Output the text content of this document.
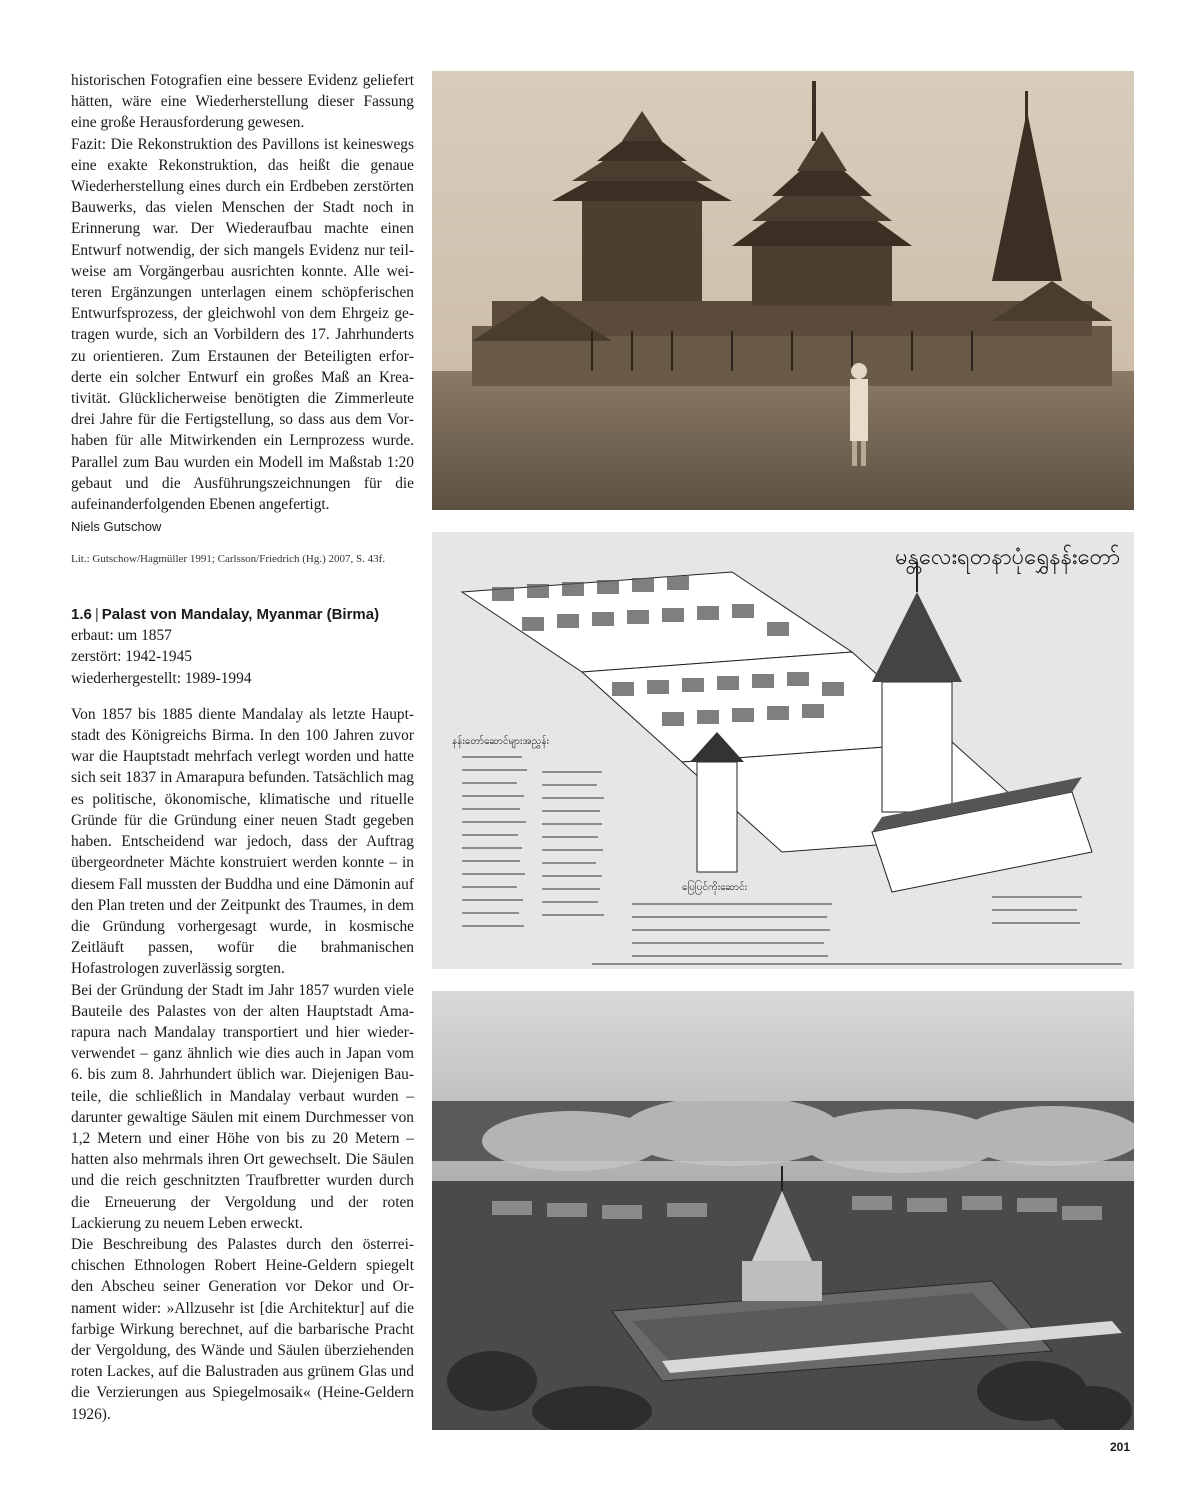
historischen Fotografien eine bessere Evidenz geliefert hätten, wäre eine Wiederherstellung dieser Fassung eine große Herausforderung gewesen.

Fazit: Die Rekonstruktion des Pavillons ist keineswegs eine exakte Rekonstruktion, das heißt die genaue Wiederherstellung eines durch ein Erdbeben zerstörten Bauwerks, das vielen Menschen der Stadt noch in Erinnerung war. Der Wiederaufbau machte einen Entwurf notwendig, der sich mangels Evidenz nur teilweise am Vorgängerbau ausrichten konnte. Alle weiteren Ergänzungen unterlagen einem schöpferischen Entwurfsprozess, der gleichwohl von dem Ehrgeiz getragen wurde, sich an Vorbildern des 17. Jahrhunderts zu orientieren. Zum Erstaunen der Beteiligten erforderte ein solcher Entwurf ein großes Maß an Kreativität. Glücklicherweise benötigten die Zimmerleute drei Jahre für die Fertigstellung, so dass aus dem Vorhaben für alle Mitwirkenden ein Lernprozess wurde. Parallel zum Bau wurden ein Modell im Maßstab 1:20 gebaut und die Ausführungszeichnungen für die aufeinanderfolgenden Ebenen angefertigt.

Niels Gutschow
Lit.: Gutschow/Hagmüller 1991; Carlsson/Friedrich (Hg.) 2007, S. 43f.
1.6 | Palast von Mandalay, Myanmar (Birma)

erbaut: um 1857

zerstört: 1942-1945

wiederhergestellt: 1989-1994

Von 1857 bis 1885 diente Mandalay als letzte Hauptstadt des Königreichs Birma. In den 100 Jahren zuvor war die Hauptstadt mehrfach verlegt worden und hatte sich seit 1837 in Amarapura befunden. Tatsächlich mag es politische, ökonomische, klimatische und rituelle Gründe für die Gründung einer neuen Stadt gegeben haben. Entscheidend war jedoch, dass der Auftrag übergeordneter Mächte konstruiert werden konnte – in diesem Fall mussten der Buddha und eine Dämonin auf den Plan treten und der Zeitpunkt des Traumes, in dem die Gründung vorhergesagt wurde, in kosmische Zeitläuft passen, wofür die brahmanischen Hofastrologen zuverlässig sorgten.

Bei der Gründung der Stadt im Jahr 1857 wurden viele Bauteile des Palastes von der alten Hauptstadt Amarapura nach Mandalay transportiert und hier wiederverwendet – ganz ähnlich wie dies auch in Japan vom 6. bis zum 8. Jahrhundert üblich war. Diejenigen Bauteile, die schließlich in Mandalay verbaut wurden – darunter gewaltige Säulen mit einem Durchmesser von 1,2 Metern und einer Höhe von bis zu 20 Metern – hatten also mehrmals ihren Ort gewechselt. Die Säulen und die reich geschnitzten Traufbretter wurden durch die Erneuerung der Vergoldung und der roten Lackierung zu neuem Leben erweckt.

Die Beschreibung des Palastes durch den österreichischen Ethnologen Robert Heine-Geldern spiegelt den Abscheu seiner Generation vor Dekor und Ornament wider: »Allzusehr ist [die Architektur] auf die farbige Wirkung berechnet, auf die barbarische Pracht der Vergoldung, des Wände und Säulen überziehenden roten Lackes, auf die Balustraden aus grünem Glas und die Verzierungen aus Spiegelmosaik« (Heine-Geldern 1926).

မန္တလေးရတနာပုံရွှေနန်းတော်
နန်းတော်ဆောင်များအညွှန်း
ပြေပြင်ကိုးဆောင်း
201
